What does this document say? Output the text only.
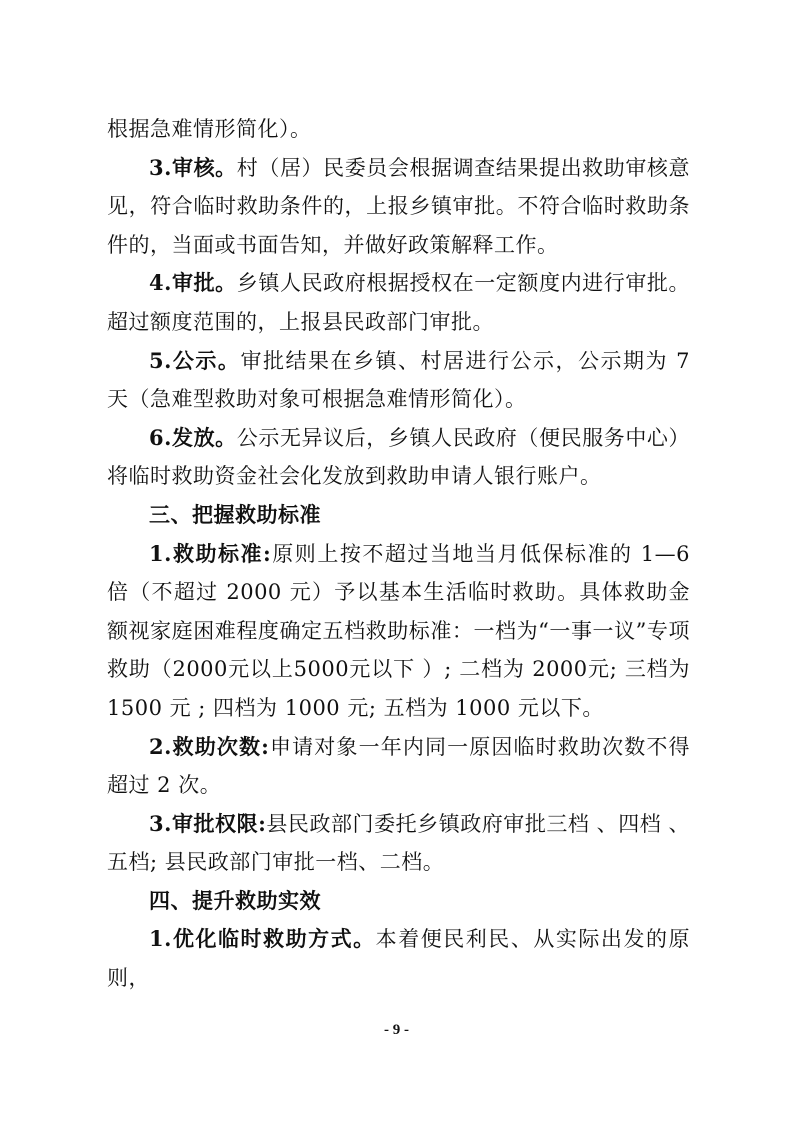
根据急难情形简化）。

3.审核。村（居）民委员会根据调查结果提出救助审核意见，符合临时救助条件的，上报乡镇审批。不符合临时救助条件的，当面或书面告知，并做好政策解释工作。

4.审批。乡镇人民政府根据授权在一定额度内进行审批。超过额度范围的，上报县民政部门审批。

5.公示。审批结果在乡镇、村居进行公示，公示期为 7 天（急难型救助对象可根据急难情形简化）。

6.发放。公示无异议后，乡镇人民政府（便民服务中心）将临时救助资金社会化发放到救助申请人银行账户。

三、把握救助标准

1.救助标准:原则上按不超过当地当月低保标准的 1—6 倍（不超过 2000 元）予以基本生活临时救助。具体救助金额视家庭困难程度确定五档救助标准：一档为“一事一议”专项救助（2000元以上5000元以下 ）; 二档为 2000元; 三档为 1500 元 ; 四档为 1000 元; 五档为 1000 元以下。

2.救助次数:申请对象一年内同一原因临时救助次数不得超过 2 次。

3.审批权限:县民政部门委托乡镇政府审批三档 、四档 、五档; 县民政部门审批一档、二档。

四、提升救助实效

1.优化临时救助方式。本着便民利民、从实际出发的原则，

- 9 -
